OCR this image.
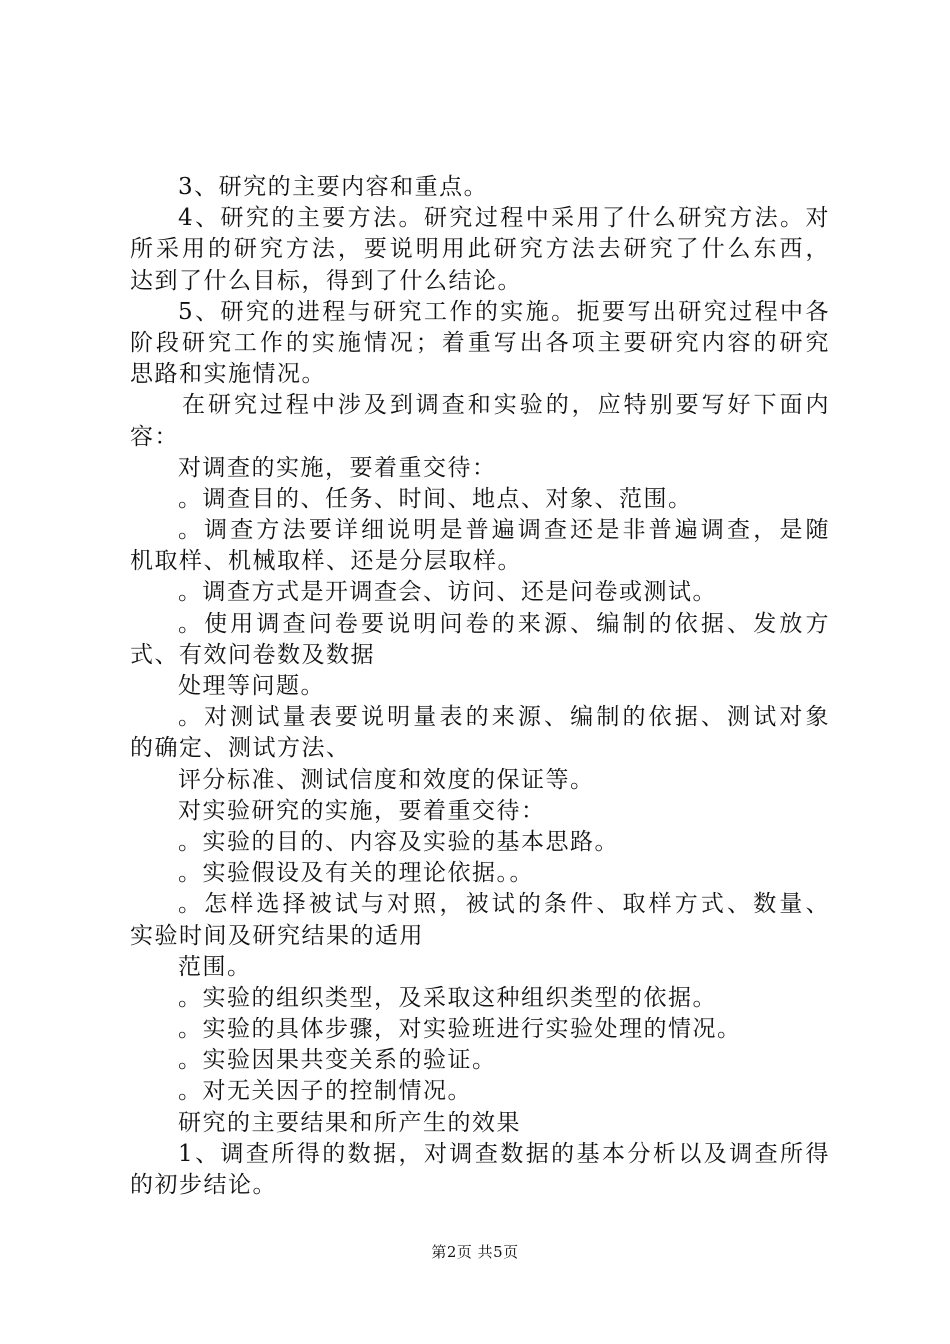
3、研究的主要内容和重点。
4、研究的主要方法。研究过程中采用了什么研究方法。对
所采用的研究方法，要说明用此研究方法去研究了什么东西，
达到了什么目标，得到了什么结论。
5、研究的进程与研究工作的实施。扼要写出研究过程中各
阶段研究工作的实施情况；着重写出各项主要研究内容的研究
思路和实施情况。
在研究过程中涉及到调查和实验的，应特别要写好下面内
容：
对调查的实施，要着重交待：
。调查目的、任务、时间、地点、对象、范围。
。调查方法要详细说明是普遍调查还是非普遍调查，是随
机取样、机械取样、还是分层取样。
。调查方式是开调查会、访问、还是问卷或测试。
。使用调查问卷要说明问卷的来源、编制的依据、发放方
式、有效问卷数及数据
处理等问题。
。对测试量表要说明量表的来源、编制的依据、测试对象
的确定、测试方法、
评分标准、测试信度和效度的保证等。
对实验研究的实施，要着重交待：
。实验的目的、内容及实验的基本思路。
。实验假设及有关的理论依据。。
。怎样选择被试与对照，被试的条件、取样方式、数量、
实验时间及研究结果的适用
范围。
。实验的组织类型，及采取这种组织类型的依据。
。实验的具体步骤，对实验班进行实验处理的情况。
。实验因果共变关系的验证。
。对无关因子的控制情况。
研究的主要结果和所产生的效果
1、调查所得的数据，对调查数据的基本分析以及调查所得
的初步结论。
第2页 共5页
